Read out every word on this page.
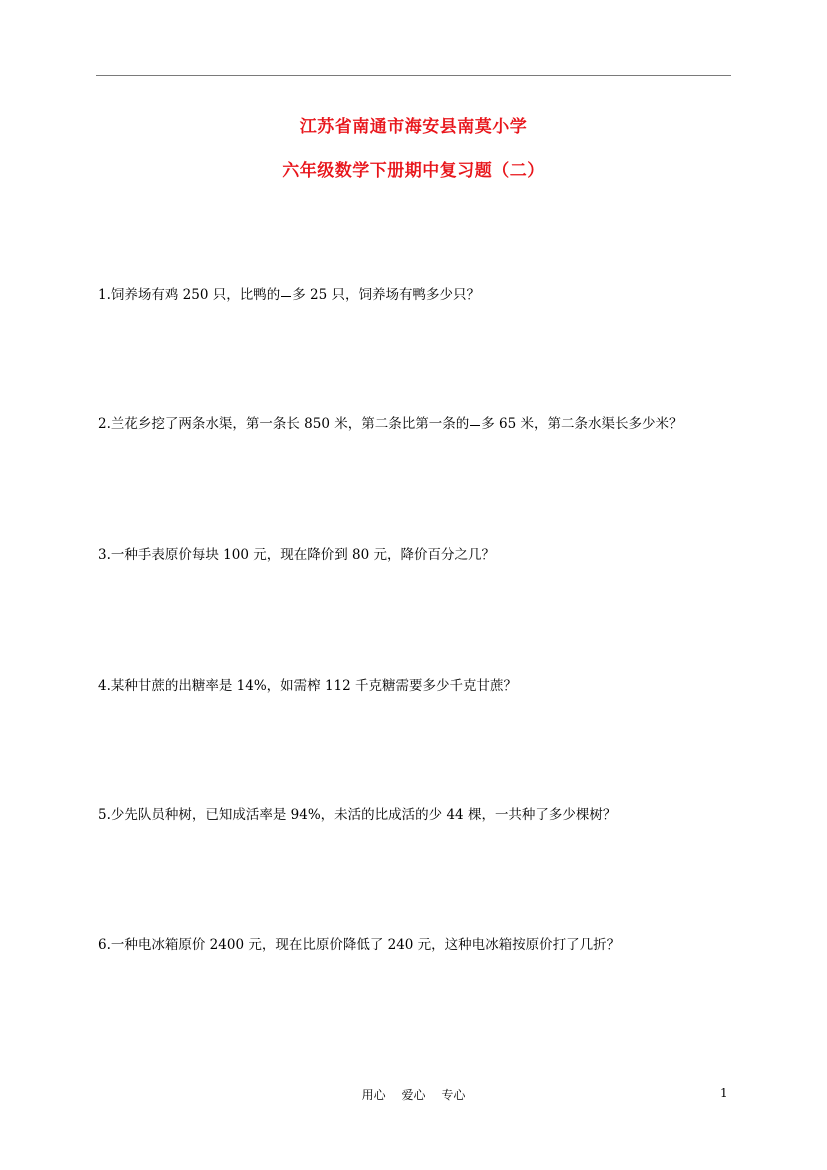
江苏省南通市海安县南莫小学
六年级数学下册期中复习题（二）
1.饲养场有鸡 250 只，比鸭的 多 25 只，饲养场有鸭多少只？
2.兰花乡挖了两条水渠，第一条长 850 米，第二条比第一条的 多 65 米，第二条水渠长多少米？
3.一种手表原价每块 100 元，现在降价到 80 元，降价百分之几？
4.某种甘蔗的出糖率是 14%，如需榨 112 千克糖需要多少千克甘蔗？
5.少先队员种树，已知成活率是 94%，未活的比成活的少 44 棵，一共种了多少棵树？
6.一种电冰箱原价 2400 元，现在比原价降低了 240 元，这种电冰箱按原价打了几折？
用心 爱心 专心	1
